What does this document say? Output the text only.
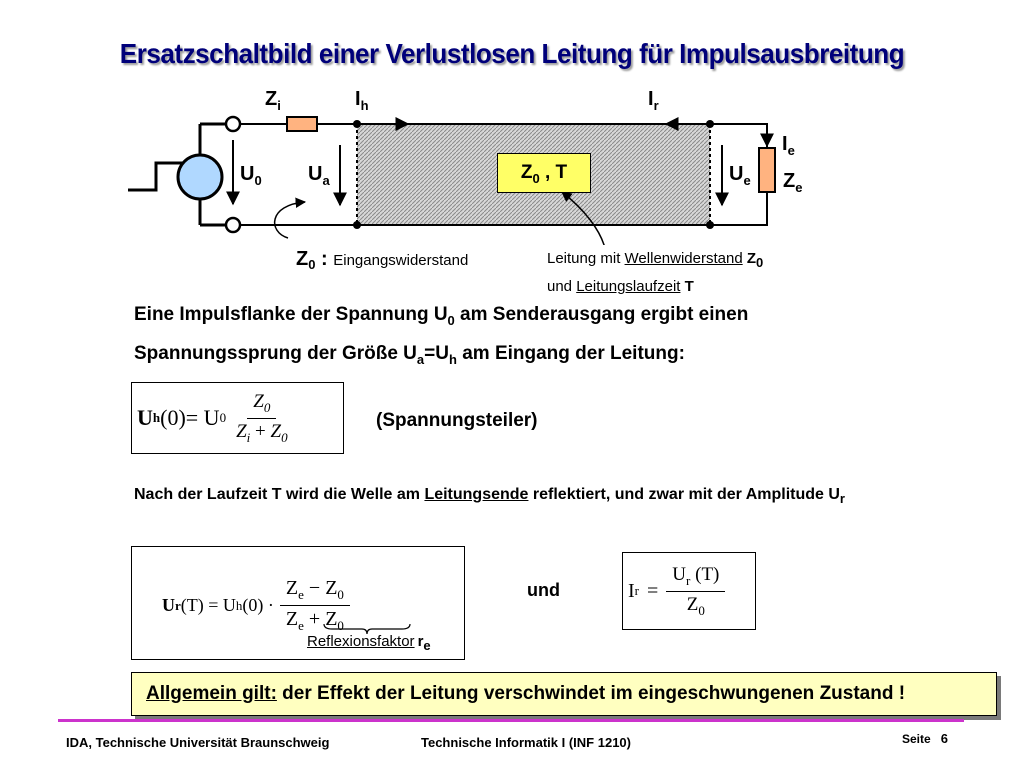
Ersatzschaltbild einer Verlustlosen Leitung für Impulsausbreitung
$Z_0$ , T
$Z_i$	$I_h$	$I_r$
$I_e$
$U_0$ $U_a$	$U_e$ $Z_e$
$Z_0$ : Eingangswiderstand	Leitung mit Wellenwiderstand Z0
und Leitungslaufzeit T
Eine Impulsflanke der Spannung $U_0$ am Senderausgang ergibt einen
Spannungssprung der Größe $U_a=U_h$ am Eingang der Leitung:
U h (0)= U $0 \frac{Z_0}{Z_i + Z_0}$	(Spannungsteiler)
Nach der Laufzeit T wird die Welle am Leitungsende reflektiert, und zwar mit der Amplitude $U_r$
U r (T) = U h $(0) \cdot \frac{Z_e - Z_0}{Z_e + Z_0}$
Reflexionsfaktor re
und	I $r = \frac{U_r (T)}{Z_0}$
Allgemein gilt: der Effekt der Leitung verschwindet im eingeschwungenen Zustand !
IDA, Technische Universität Braunschweig	Technische Informatik I (INF 1210)	Seite 6
